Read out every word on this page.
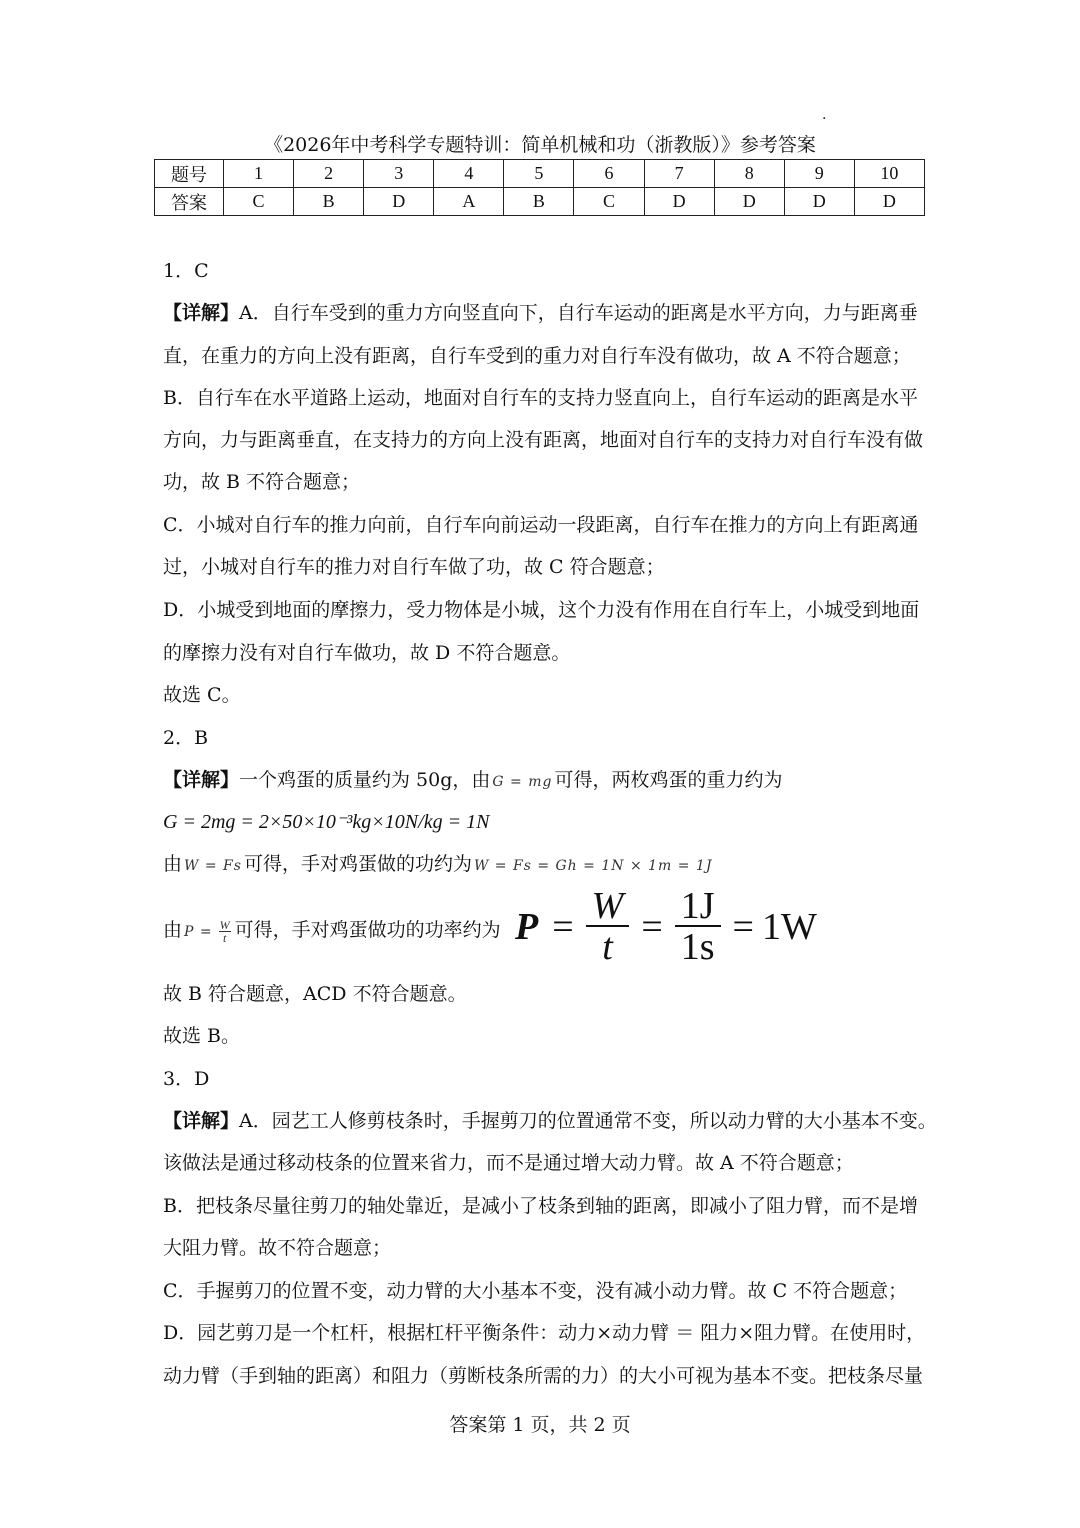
.
《2026年中考科学专题特训：简单机械和功（浙教版）》参考答案
题号	1	2	3	4	5	6	7	8	9	10
答案	C	B	D	A	B	C	D	D	D	D
1．C
【详解】A．自行车受到的重力方向竖直向下，自行车运动的距离是水平方向，力与距离垂
直，在重力的方向上没有距离，自行车受到的重力对自行车没有做功，故 A 不符合题意；
B．自行车在水平道路上运动，地面对自行车的支持力竖直向上，自行车运动的距离是水平
方向，力与距离垂直，在支持力的方向上没有距离，地面对自行车的支持力对自行车没有做
功，故 B 不符合题意；
C．小城对自行车的推力向前，自行车向前运动一段距离，自行车在推力的方向上有距离通
过，小城对自行车的推力对自行车做了功，故 C 符合题意；
D．小城受到地面的摩擦力，受力物体是小城，这个力没有作用在自行车上，小城受到地面
的摩擦力没有对自行车做功，故 D 不符合题意。
故选 C。
2．B
【详解】一个鸡蛋的质量约为 50g，由 G = mg 可得，两枚鸡蛋的重力约为
G = 2mg = 2×50×10⁻³kg×10N/kg = 1N
由 W = Fs 可得，手对鸡蛋做的功约为 W = Fs = Gh = 1N × 1m = 1J
由 $P = \frac{W}{t}$ 可得，手对鸡蛋做功的功率约为 $P = \frac{W}{t} = \frac{1J}{1s} = 1W$
故 B 符合题意，ACD 不符合题意。
故选 B。
3．D
【详解】A．园艺工人修剪枝条时，手握剪刀的位置通常不变，所以动力臂的大小基本不变。
该做法是通过移动枝条的位置来省力，而不是通过增大动力臂。故 A 不符合题意；
B．把枝条尽量往剪刀的轴处靠近，是减小了枝条到轴的距离，即减小了阻力臂，而不是增
大阻力臂。故不符合题意；
C．手握剪刀的位置不变，动力臂的大小基本不变，没有减小动力臂。故 C 不符合题意；
D．园艺剪刀是一个杠杆，根据杠杆平衡条件：动力×动力臂 ＝ 阻力×阻力臂。在使用时，
动力臂（手到轴的距离）和阻力（剪断枝条所需的力）的大小可视为基本不变。把枝条尽量
答案第 1 页，共 2 页
